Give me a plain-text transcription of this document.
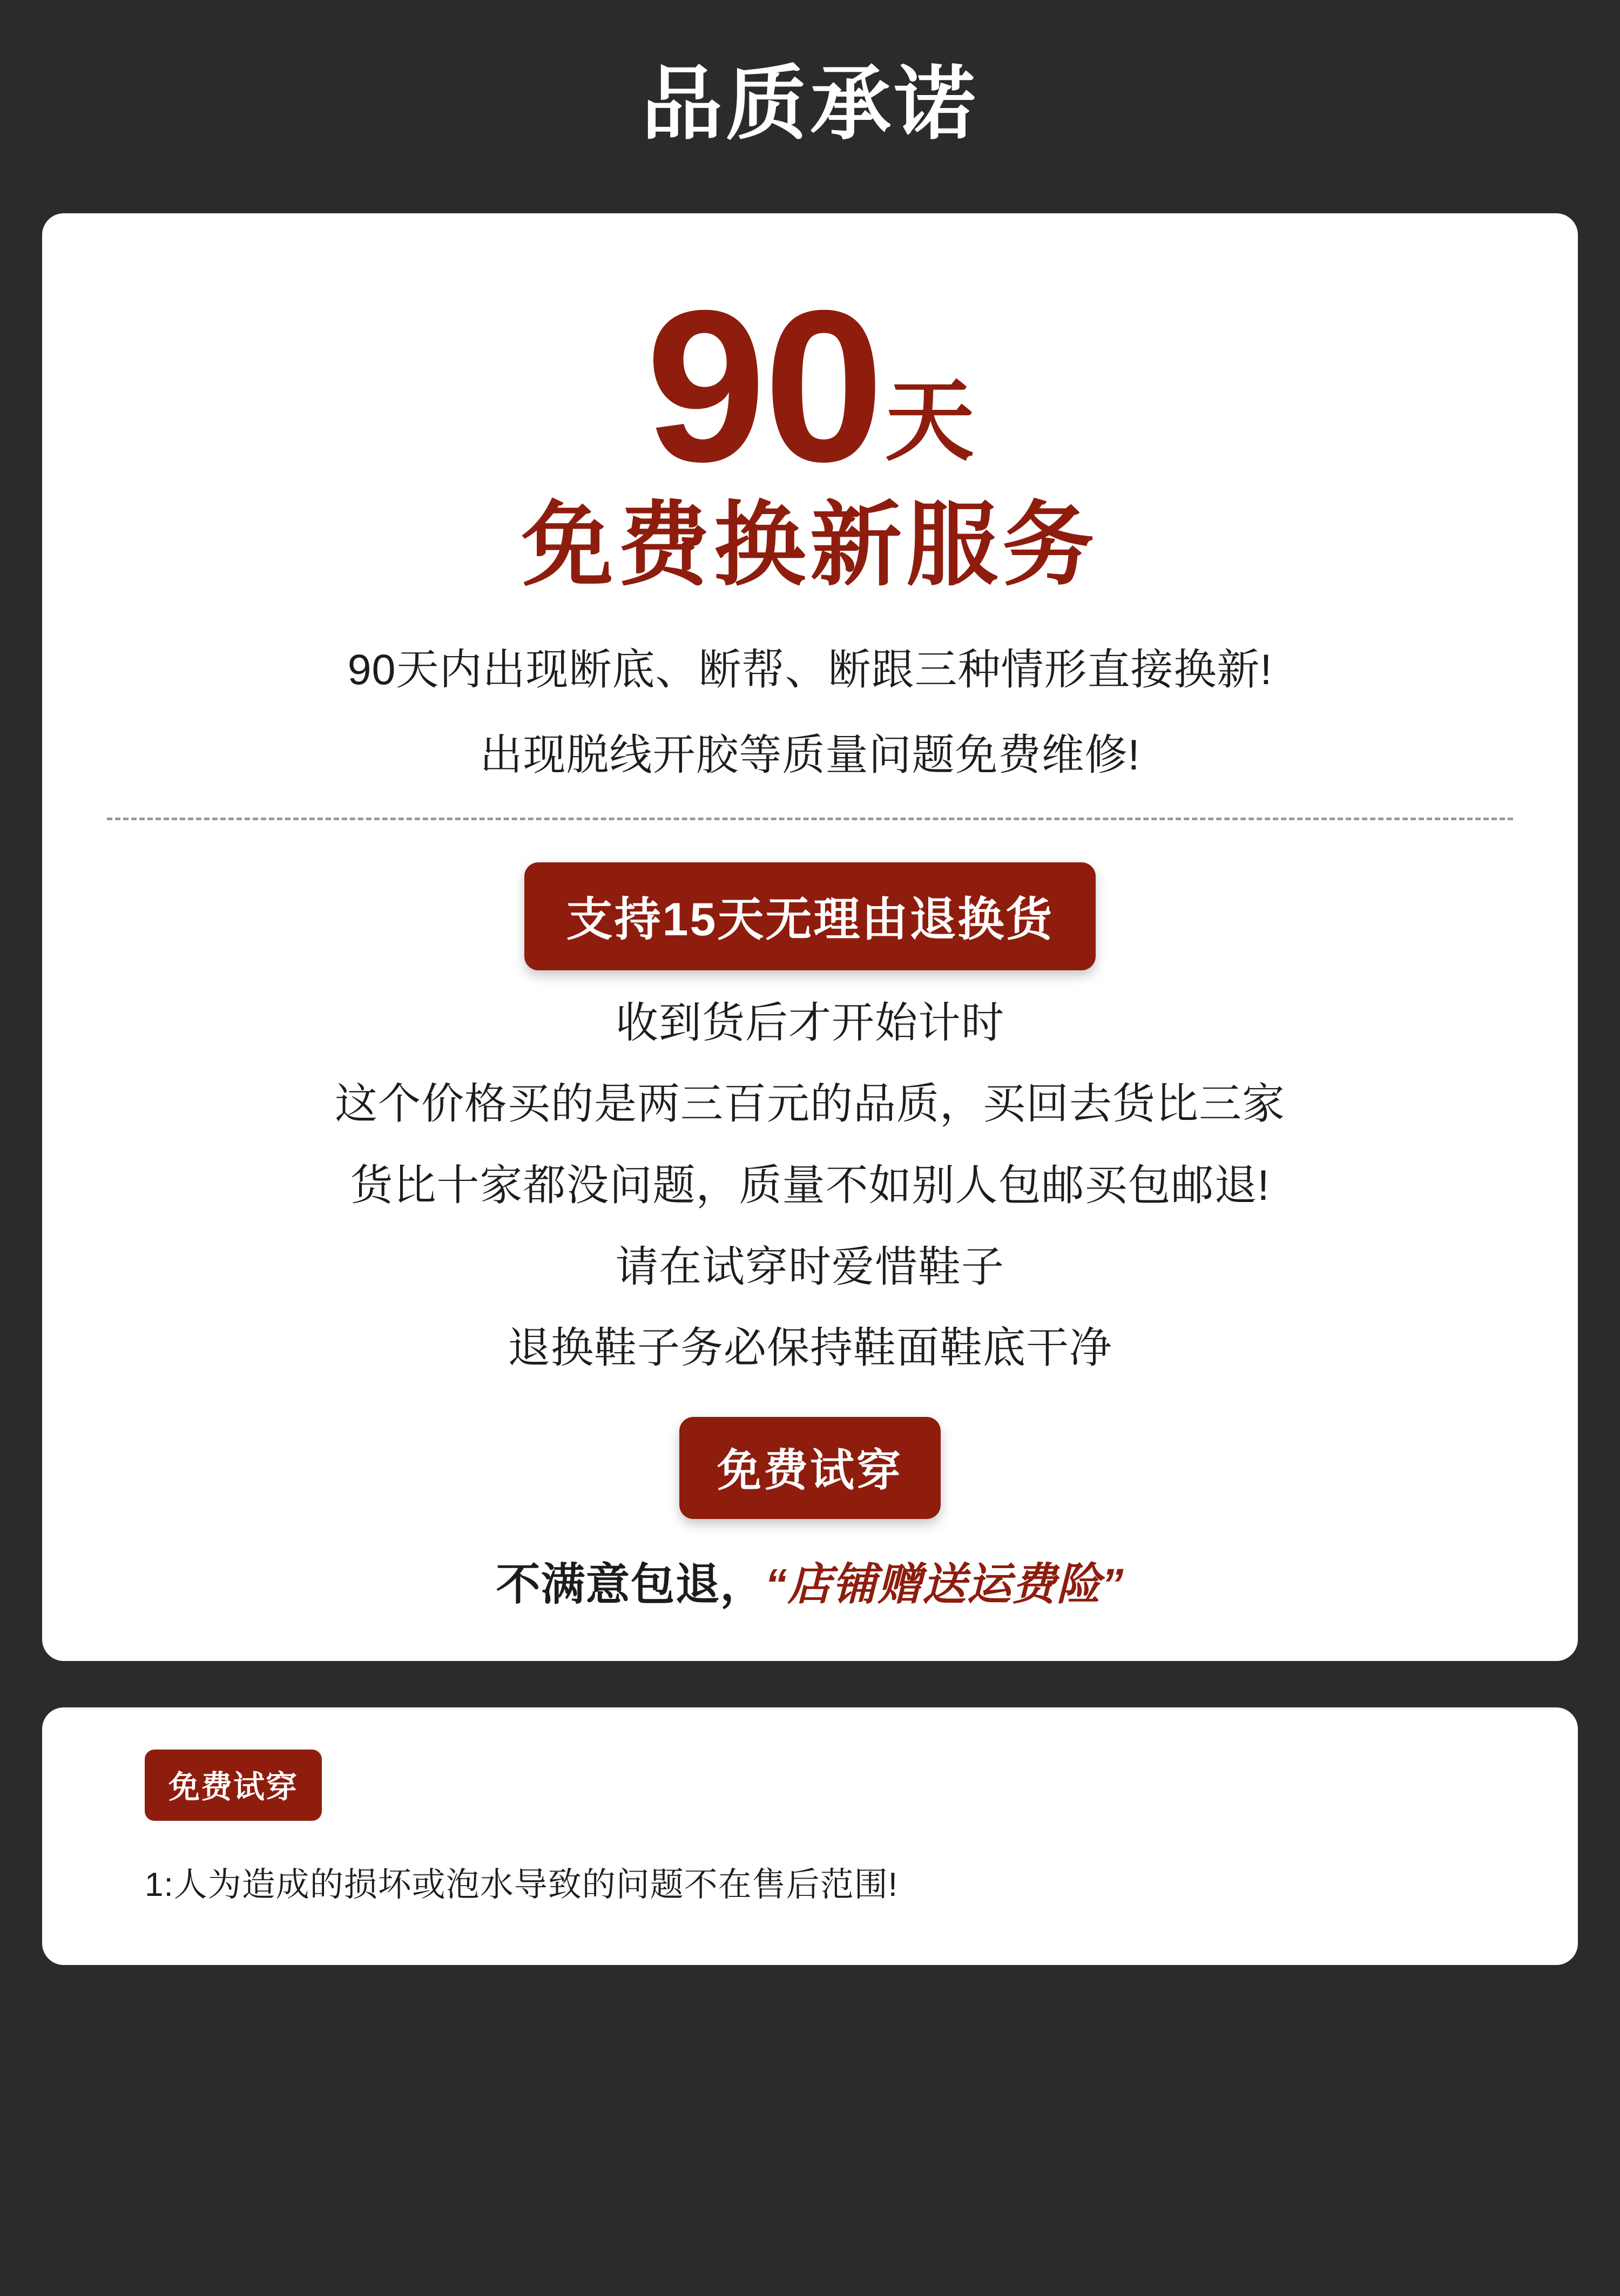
品质承诺
90 天
免费换新服务
90天内出现断底、断帮、断跟三种情形直接换新!
出现脱线开胶等质量问题免费维修!
支持15天无理由退换货
收到货后才开始计时
这个价格买的是两三百元的品质，买回去货比三家
货比十家都没问题，质量不如别人包邮买包邮退!
请在试穿时爱惜鞋子
退换鞋子务必保持鞋面鞋底干净
免费试穿
不满意包退，“店铺赠送运费险”
免费试穿
1:人为造成的损坏或泡水导致的问题不在售后范围!
